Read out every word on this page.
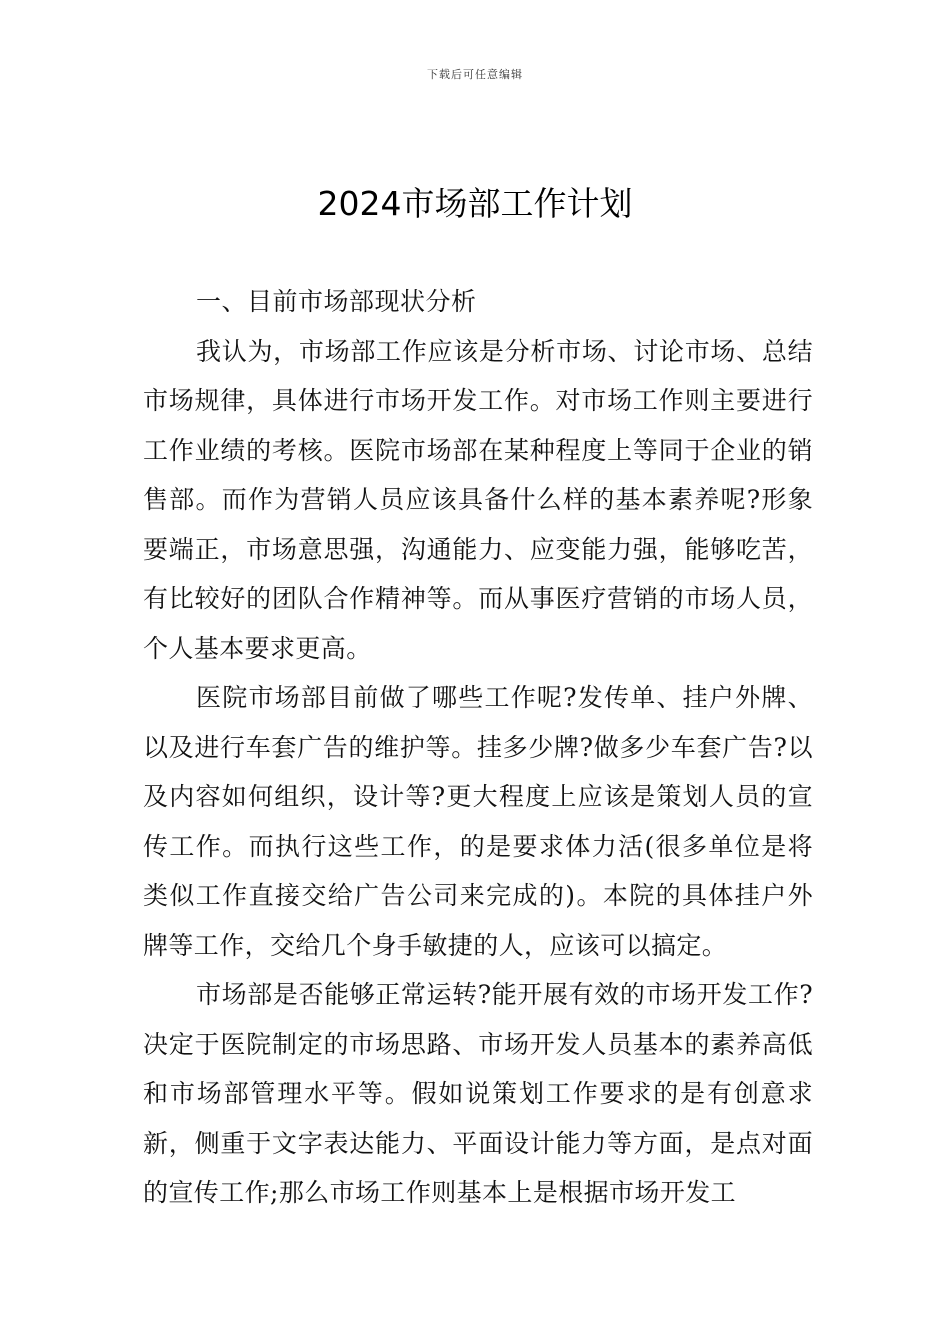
下载后可任意编辑
2024市场部工作计划

一、目前市场部现状分析

我认为，市场部工作应该是分析市场、讨论市场、总结市场规律，具体进行市场开发工作。对市场工作则主要进行工作业绩的考核。医院市场部在某种程度上等同于企业的销售部。而作为营销人员应该具备什么样的基本素养呢?形象要端正，市场意思强，沟通能力、应变能力强，能够吃苦，有比较好的团队合作精神等。而从事医疗营销的市场人员，个人基本要求更高。

医院市场部目前做了哪些工作呢?发传单、挂户外牌、以及进行车套广告的维护等。挂多少牌?做多少车套广告?以及内容如何组织，设计等?更大程度上应该是策划人员的宣传工作。而执行这些工作，的是要求体力活(很多单位是将类似工作直接交给广告公司来完成的)。本院的具体挂户外牌等工作，交给几个身手敏捷的人，应该可以搞定。

市场部是否能够正常运转?能开展有效的市场开发工作?决定于医院制定的市场思路、市场开发人员基本的素养高低和市场部管理水平等。假如说策划工作要求的是有创意求新，侧重于文字表达能力、平面设计能力等方面，是点对面的宣传工作;那么市场工作则基本上是根据市场开发工
